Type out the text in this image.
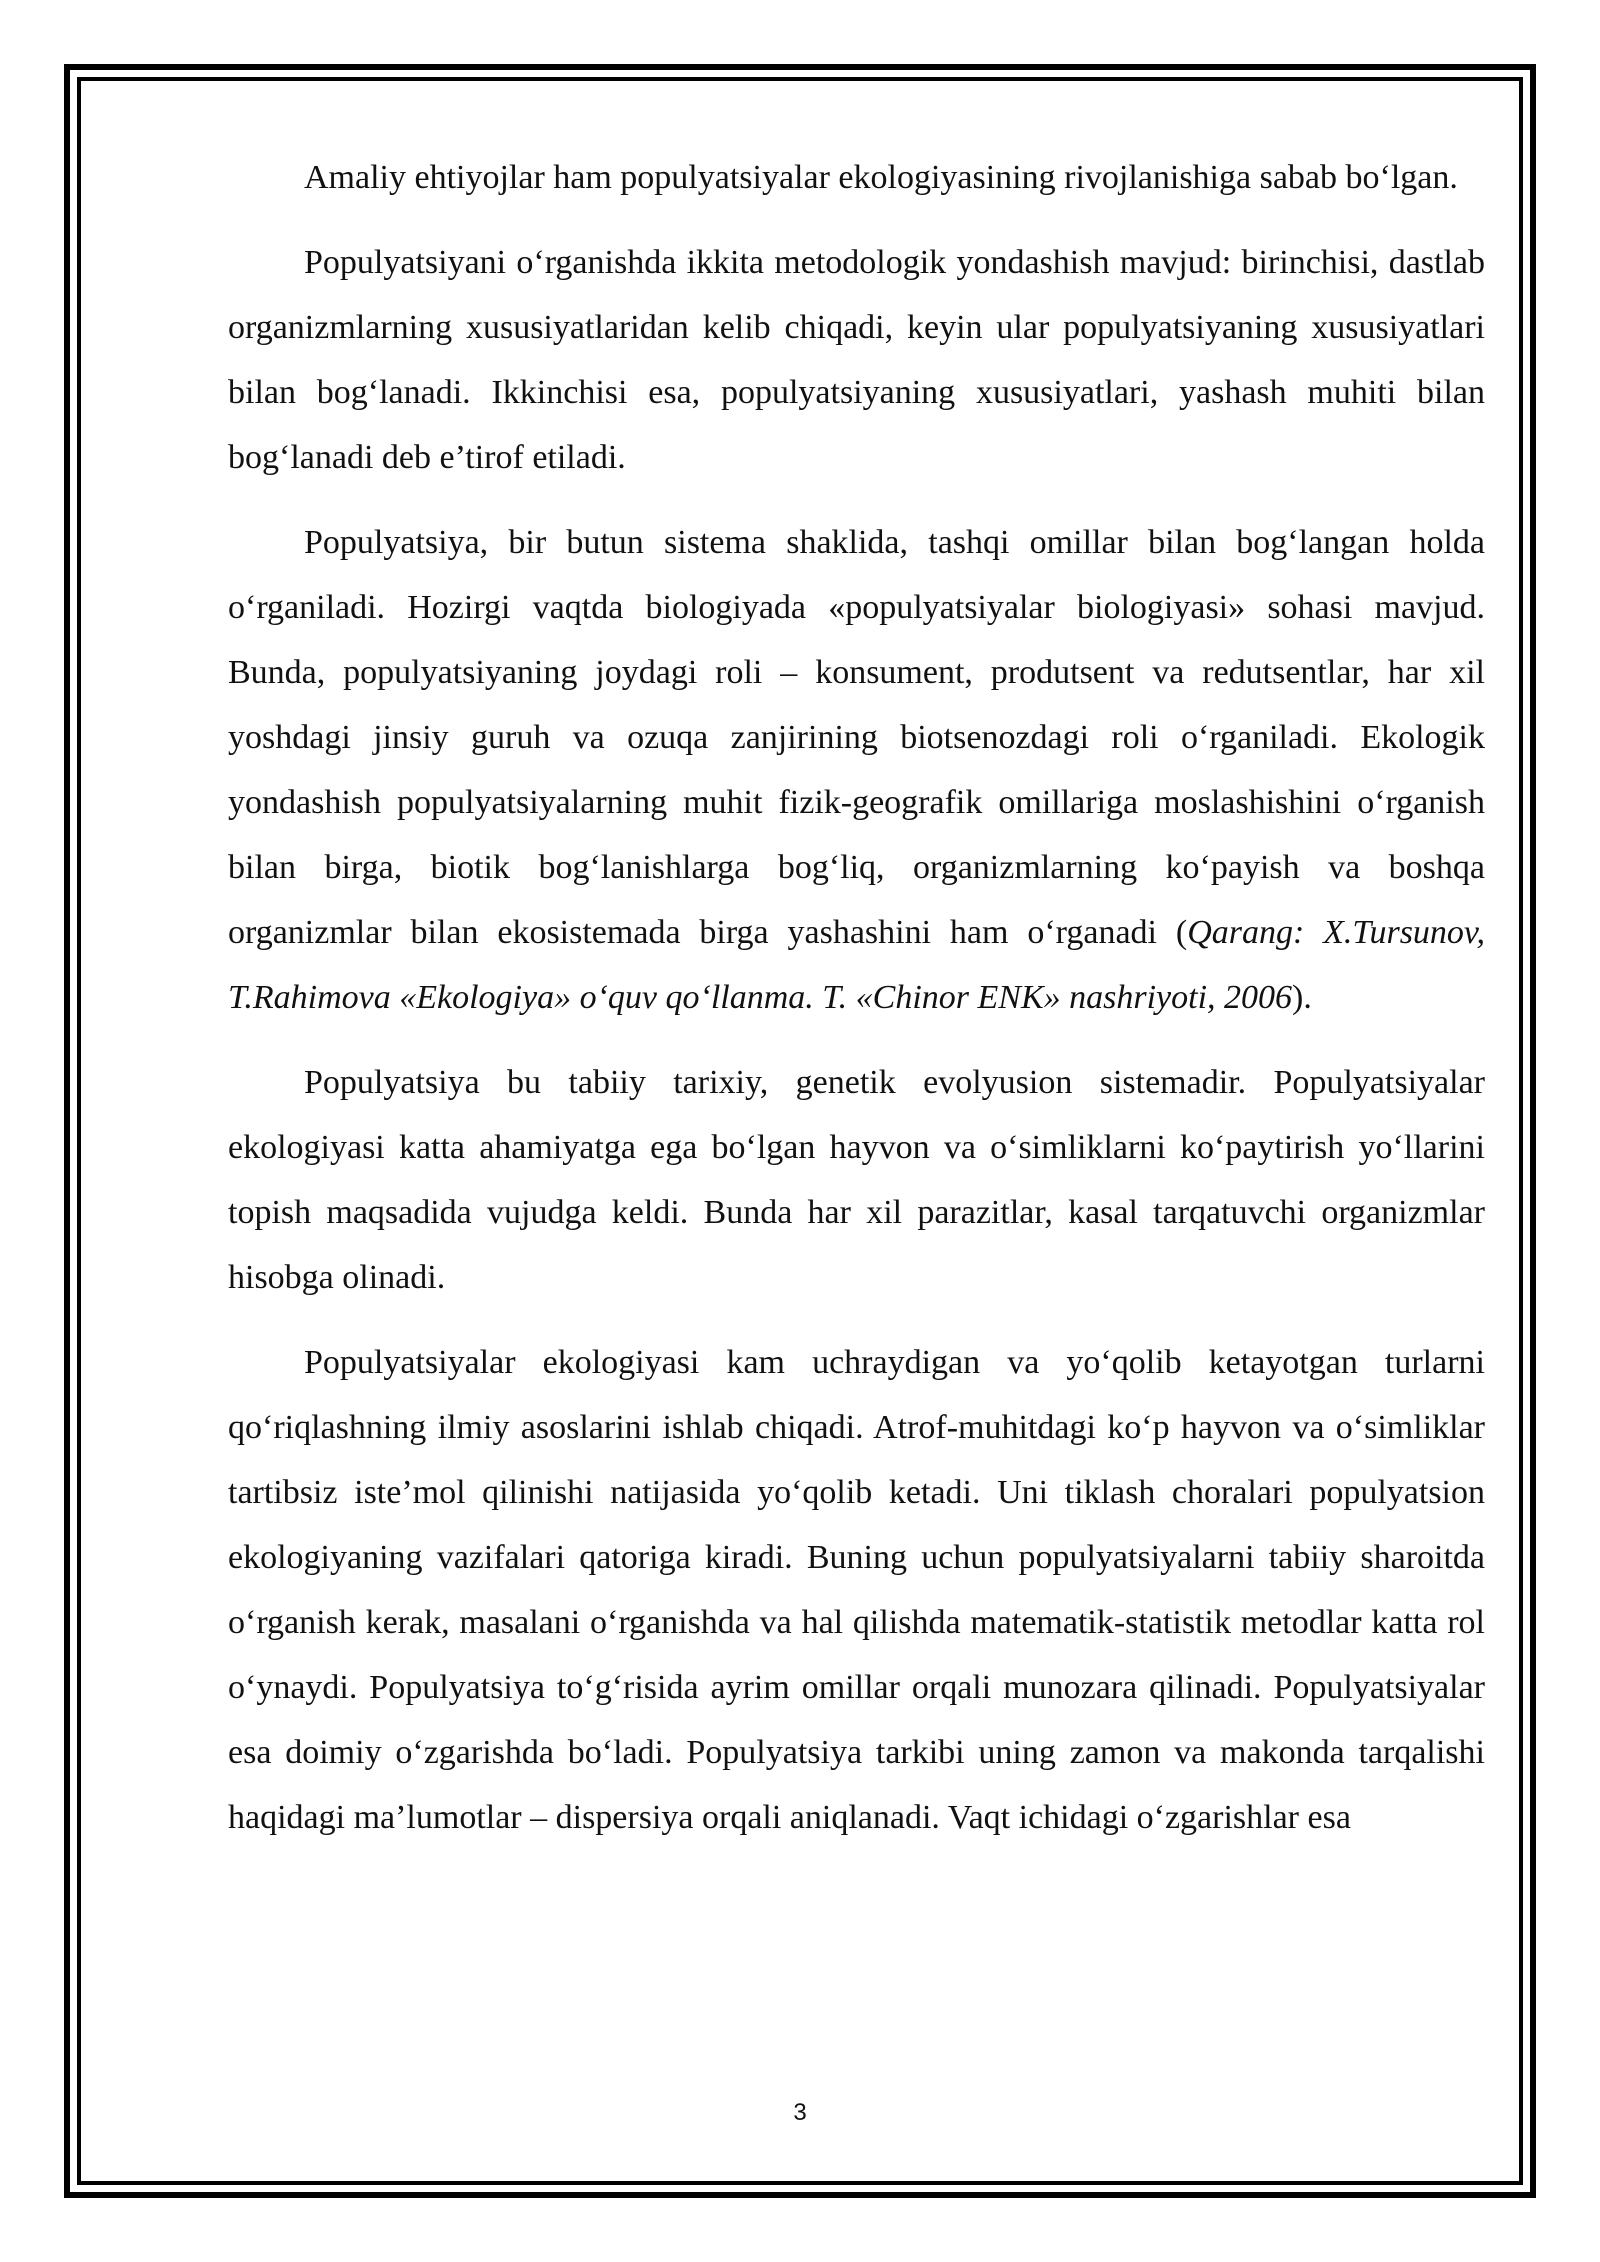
Amaliy ehtiyojlar ham populyatsiyalar ekologiyasining rivojlanishiga sabab bo‘lgan.

Populyatsiyani o‘rganishda ikkita metodologik yondashish mavjud: birinchisi, dastlab organizmlarning xususiyatlaridan kelib chiqadi, keyin ular populyatsiyaning xususiyatlari bilan bog‘lanadi. Ikkinchisi esa, populyatsiyaning xususiyatlari, yashash muhiti bilan bog‘lanadi deb e’tirof etiladi.

Populyatsiya, bir butun sistema shaklida, tashqi omillar bilan bog‘langan holda o‘rganiladi. Hozirgi vaqtda biologiyada «populyatsiyalar biologiyasi» sohasi mavjud. Bunda, populyatsiyaning joydagi roli – konsument, produtsent va redutsentlar, har xil yoshdagi jinsiy guruh va ozuqa zanjirining biotsenozdagi roli o‘rganiladi. Ekologik yondashish populyatsiyalarning muhit fizik-geografik omillariga moslashishini o‘rganish bilan birga, biotik bog‘lanishlarga bog‘liq, organizmlarning ko‘payish va boshqa organizmlar bilan ekosistemada birga yashashini ham o‘rganadi (Qarang: X.Tursunov, T.Rahimova «Ekologiya» o‘quv qo‘llanma. T. «Chinor ENK» nashriyoti, 2006).

Populyatsiya bu tabiiy tarixiy, genetik evolyusion sistemadir. Populyatsiyalar ekologiyasi katta ahamiyatga ega bo‘lgan hayvon va o‘simliklarni ko‘paytirish yo‘llarini topish maqsadida vujudga keldi. Bunda har xil parazitlar, kasal tarqatuvchi organizmlar hisobga olinadi.

Populyatsiyalar ekologiyasi kam uchraydigan va yo‘qolib ketayotgan turlarni qo‘riqlashning ilmiy asoslarini ishlab chiqadi. Atrof-muhitdagi ko‘p hayvon va o‘simliklar tartibsiz iste’mol qilinishi natijasida yo‘qolib ketadi. Uni tiklash choralari populyatsion ekologiyaning vazifalari qatoriga kiradi. Buning uchun populyatsiyalarni tabiiy sharoitda o‘rganish kerak, masalani o‘rganishda va hal qilishda matematik-statistik metodlar katta rol o‘ynaydi. Populyatsiya to‘g‘risida ayrim omillar orqali munozara qilinadi. Populyatsiyalar esa doimiy o‘zgarishda bo‘ladi. Populyatsiya tarkibi uning zamon va makonda tarqalishi haqidagi ma’lumotlar – dispersiya orqali aniqlanadi. Vaqt ichidagi o‘zgarishlar esa

3
